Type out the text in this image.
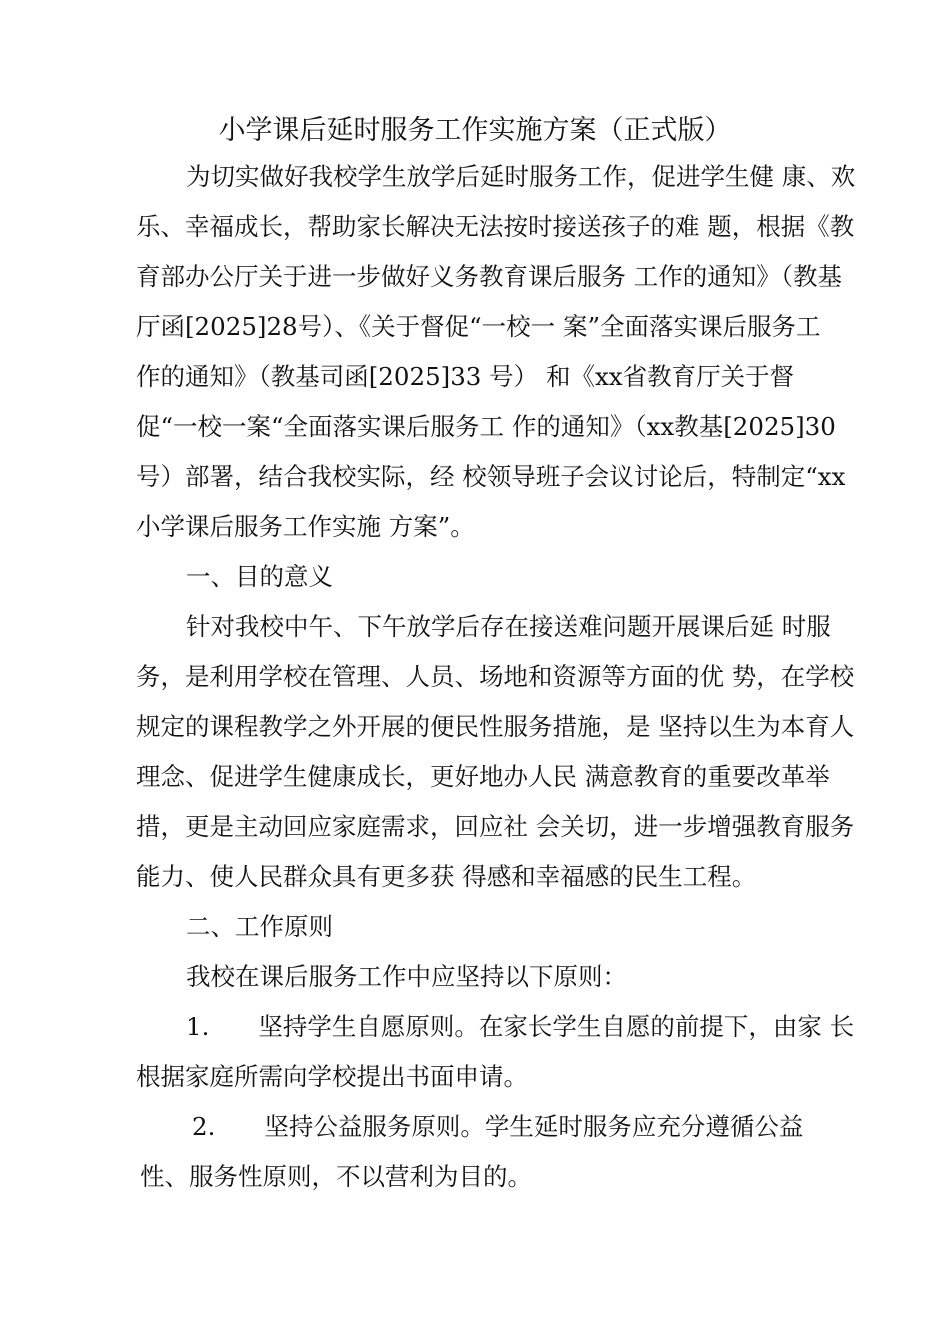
小学课后延时服务工作实施方案（正式版）
为切实做好我校学生放学后延时服务工作，促进学生健 康、欢
乐、幸福成长，帮助家长解决无法按时接送孩子的难 题，根据《教
育部办公厅关于进一步做好义务教育课后服务 工作的通知》（教基
厅函[2025]28号）、《关于督促“一校一 案”全面落实课后服务工
作的通知》（教基司函[2025]33 号） 和《xx省教育厅关于督
促“一校一案“全面落实课后服务工 作的通知》（xx教基[2025]30
号）部署，结合我校实际，经 校领导班子会议讨论后，特制定“xx
小学课后服务工作实施 方案”。
一、目的意义
针对我校中午、下午放学后存在接送难问题开展课后延 时服
务，是利用学校在管理、人员、场地和资源等方面的优 势，在学校
规定的课程教学之外开展的便民性服务措施，是 坚持以生为本育人
理念、促进学生健康成长，更好地办人民 满意教育的重要改革举
措，更是主动回应家庭需求，回应社 会关切，进一步增强教育服务
能力、使人民群众具有更多获 得感和幸福感的民生工程。
二、工作原则
我校在课后服务工作中应坚持以下原则：
1.　　坚持学生自愿原则。在家长学生自愿的前提下，由家 长
根据家庭所需向学校提出书面申请。
2.　　坚持公益服务原则。学生延时服务应充分遵循公益
性、服务性原则，不以营利为目的。
